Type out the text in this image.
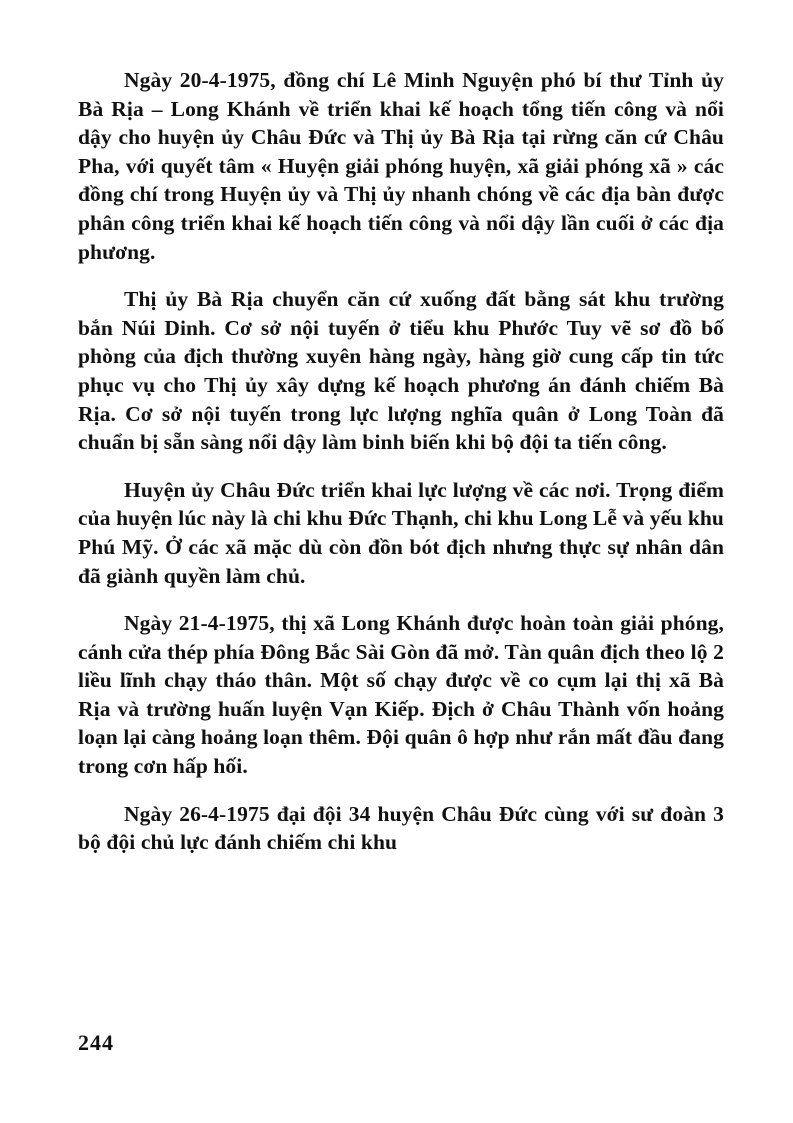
Ngày 20-4-1975, đồng chí Lê Minh Nguyện phó bí thư Tỉnh ủy Bà Rịa – Long Khánh về triển khai kế hoạch tổng tiến công và nổi dậy cho huyện ủy Châu Đức và Thị ủy Bà Rịa tại rừng căn cứ Châu Pha, với quyết tâm « Huyện giải phóng huyện, xã giải phóng xã » các đồng chí trong Huyện ủy và Thị ủy nhanh chóng về các địa bàn được phân công triển khai kế hoạch tiến công và nổi dậy lần cuối ở các địa phương.

Thị ủy Bà Rịa chuyển căn cứ xuống đất bằng sát khu trường bắn Núi Dinh. Cơ sở nội tuyến ở tiểu khu Phước Tuy vẽ sơ đồ bố phòng của địch thường xuyên hàng ngày, hàng giờ cung cấp tin tức phục vụ cho Thị ủy xây dựng kế hoạch phương án đánh chiếm Bà Rịa. Cơ sở nội tuyến trong lực lượng nghĩa quân ở Long Toàn đã chuẩn bị sẵn sàng nổi dậy làm binh biến khi bộ đội ta tiến công.

Huyện ủy Châu Đức triển khai lực lượng về các nơi. Trọng điểm của huyện lúc này là chi khu Đức Thạnh, chi khu Long Lễ và yếu khu Phú Mỹ. Ở các xã mặc dù còn đồn bót địch nhưng thực sự nhân dân đã giành quyền làm chủ.

Ngày 21-4-1975, thị xã Long Khánh được hoàn toàn giải phóng, cánh cửa thép phía Đông Bắc Sài Gòn đã mở. Tàn quân địch theo lộ 2 liều lĩnh chạy tháo thân. Một số chạy được về co cụm lại thị xã Bà Rịa và trường huấn luyện Vạn Kiếp. Địch ở Châu Thành vốn hoảng loạn lại càng hoảng loạn thêm. Đội quân ô hợp như rắn mất đầu đang trong cơn hấp hối.

Ngày 26-4-1975 đại đội 34 huyện Châu Đức cùng với sư đoàn 3 bộ đội chủ lực đánh chiếm chi khu

244
